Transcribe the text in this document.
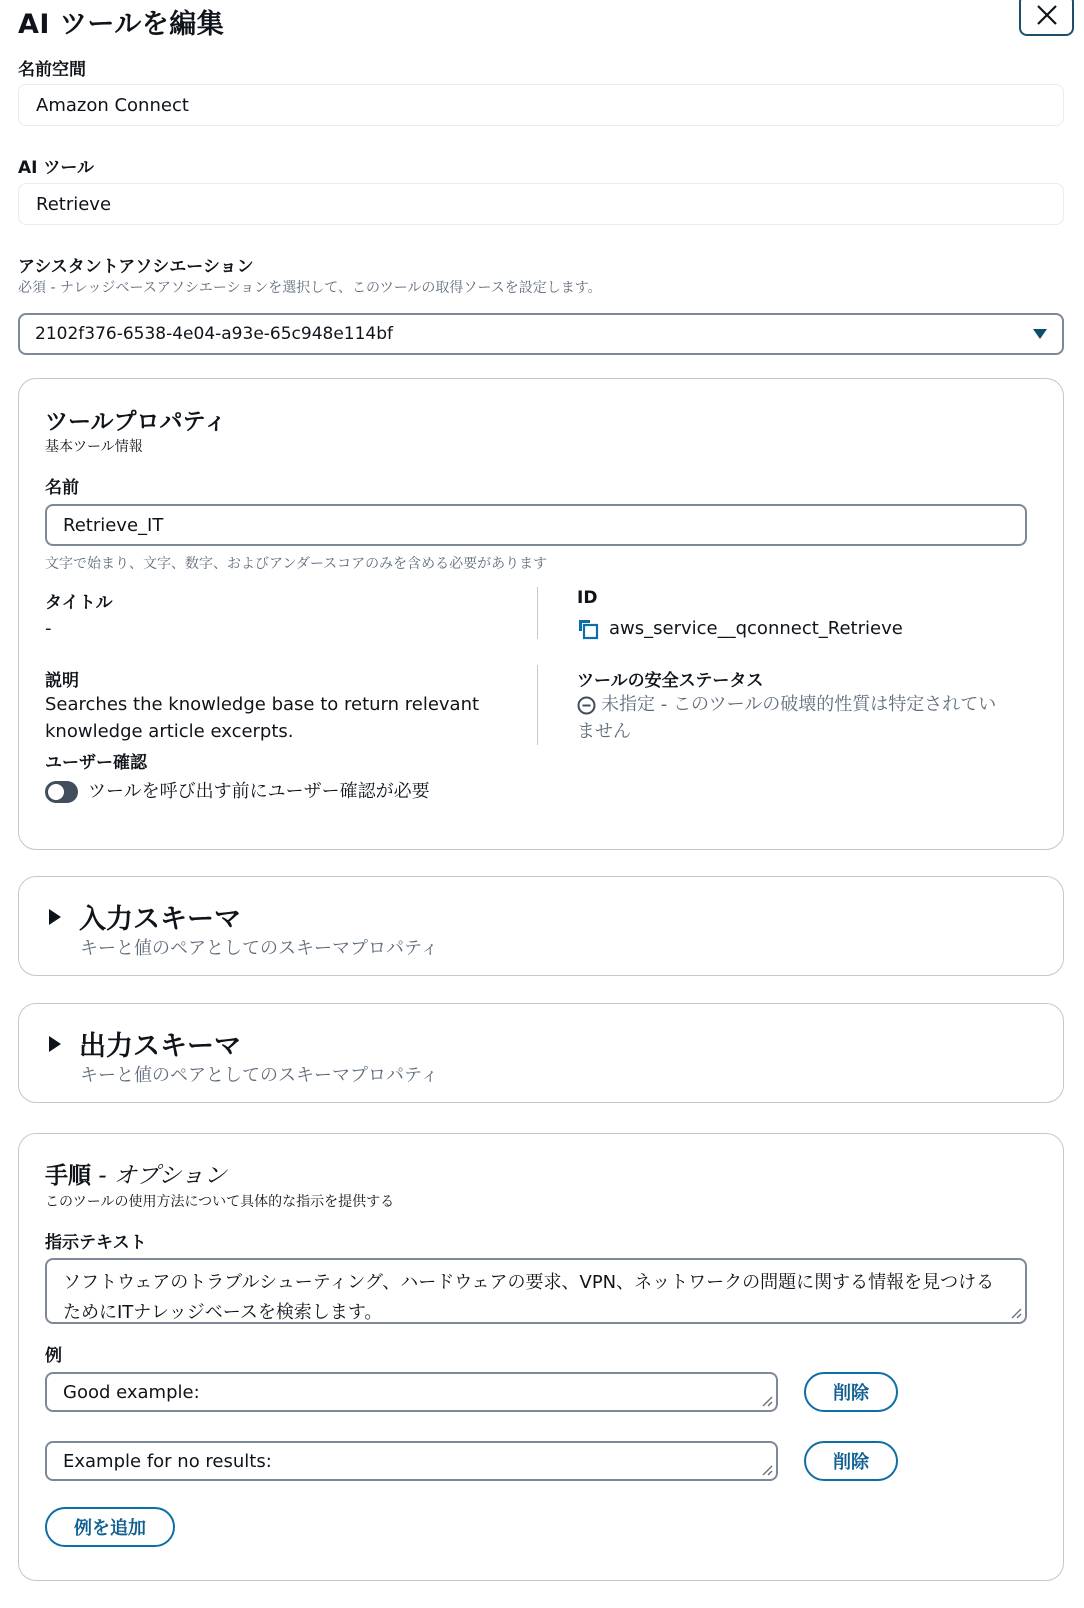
AI ツールを編集
名前空間
Amazon Connect
AI ツール
Retrieve
アシスタントアソシエーション
必須 - ナレッジベースアソシエーションを選択して、このツールの取得ソースを設定します。
2102f376-6538-4e04-a93e-65c948e114bf
ツールプロパティ
基本ツール情報
名前
Retrieve_IT
文字で始まり、文字、数字、およびアンダースコアのみを含める必要があります
タイトル
-
ID
aws_service__qconnect_Retrieve
説明
Searches the knowledge base to return relevant knowledge article excerpts.
ツールの安全ステータス
未指定 - このツールの破壊的性質は特定されていません
ユーザー確認
ツールを呼び出す前にユーザー確認が必要
入力スキーマ
キーと値のペアとしてのスキーマプロパティ
出力スキーマ
キーと値のペアとしてのスキーマプロパティ
手順 - オプション
このツールの使用方法について具体的な指示を提供する
指示テキスト
ソフトウェアのトラブルシューティング、ハードウェアの要求、VPN、ネットワークの問題に関する情報を見つけるためにITナレッジベースを検索します。
例
Good example:	削除
Example for no results:	削除
例を追加
